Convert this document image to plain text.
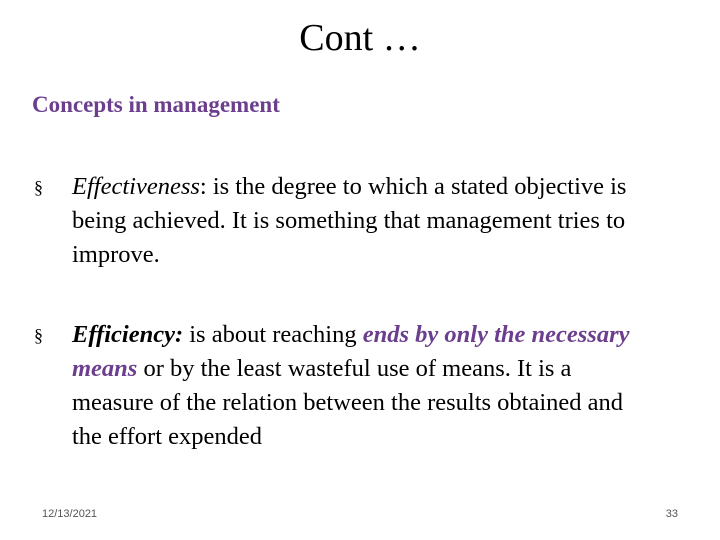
Cont …
Concepts in management
§ Effectiveness: is the degree to which a stated objective is being achieved. It is something that management tries to improve.
§ Efficiency: is about reaching ends by only the necessary means or by the least wasteful use of means. It is a measure of the relation between the results obtained and the effort expended
12/13/2021	33
